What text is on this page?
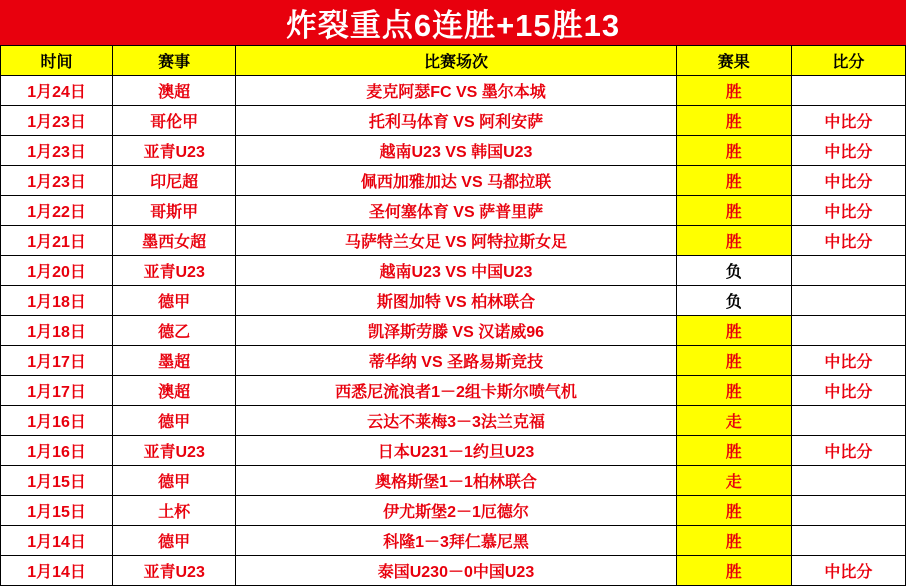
炸裂重点6连胜+15胜13
时间	赛事	比赛场次	赛果	比分
1月24日	澳超	麦克阿瑟FC VS 墨尔本城	胜	
1月23日	哥伦甲	托利马体育 VS 阿利安萨	胜	中比分
1月23日	亚青U23	越南U23 VS 韩国U23	胜	中比分
1月23日	印尼超	佩西加雅加达 VS 马都拉联	胜	中比分
1月22日	哥斯甲	圣何塞体育 VS 萨普里萨	胜	中比分
1月21日	墨西女超	马萨特兰女足 VS 阿特拉斯女足	胜	中比分
1月20日	亚青U23	越南U23 VS 中国U23	负	
1月18日	德甲	斯图加特 VS 柏林联合	负	
1月18日	德乙	凯泽斯劳滕 VS 汉诺威96	胜	
1月17日	墨超	蒂华纳 VS 圣路易斯竞技	胜	中比分
1月17日	澳超	西悉尼流浪者1－2组卡斯尔喷气机	胜	中比分
1月16日	德甲	云达不莱梅3－3法兰克福	走	
1月16日	亚青U23	日本U231－1约旦U23	胜	中比分
1月15日	德甲	奥格斯堡1－1柏林联合	走	
1月15日	土杯	伊尤斯堡2－1厄德尔	胜	
1月14日	德甲	科隆1－3拜仁慕尼黑	胜	
1月14日	亚青U23	泰国U230－0中国U23	胜	中比分
